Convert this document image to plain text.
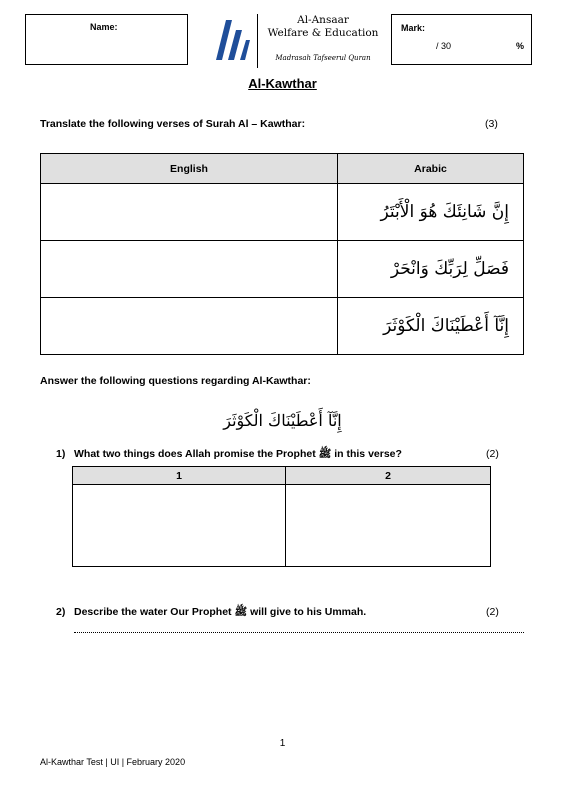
Name:
Al-Ansaar
Welfare & Education
Madrasah Tafseerul Quran
Mark:
/ 30	%
Al-Kawthar
Translate the following verses of Surah Al – Kawthar:	(3)
English	Arabic
	إِنَّ شَانِئَكَ هُوَ الْأَبْتَرُ
	فَصَلِّ لِرَبِّكَ وَانْحَرْ
	إِنَّآ أَعْطَيْنَاكَ الْكَوْثَرَ
Answer the following questions regarding Al-Kawthar:
إِنَّآ أَعْطَيْنَاكَ الْكَوْثَرَ
1) What two things does Allah promise the Prophet ﷺ in this verse?	(2)
1	2

2) Describe the water Our Prophet ﷺ will give to his Ummah.	(2)
1
Al-Kawthar Test | UI | February 2020
